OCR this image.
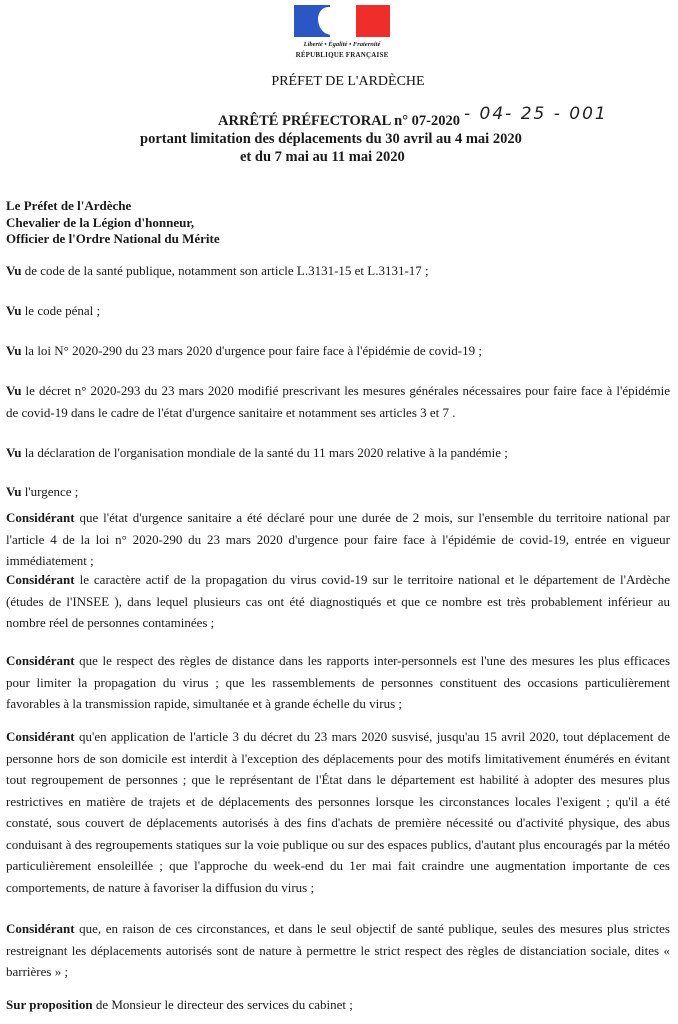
Liberté • Égalité • Fraternité
RÉPUBLIQUE FRANÇAISE
PRÉFET DE L'ARDÈCHE
ARRÊTÉ PRÉFECTORAL n° 07-2020
portant limitation des déplacements du 30 avril au 4 mai 2020
et du 7 mai au 11 mai 2020
- 04- 25 - 001
Le Préfet de l'Ardèche
Chevalier de la Légion d'honneur,
Officier de l'Ordre National du Mérite
Vu de code de la santé publique, notamment son article L.3131-15 et L.3131-17 ;
Vu le code pénal ;
Vu la loi N° 2020-290 du 23 mars 2020 d'urgence pour faire face à l'épidémie de covid-19 ;
Vu le décret n° 2020-293 du 23 mars 2020 modifié prescrivant les mesures générales nécessaires pour faire face à l'épidémie de covid-19 dans le cadre de l'état d'urgence sanitaire et notamment ses articles 3 et 7 .
Vu la déclaration de l'organisation mondiale de la santé du 11 mars 2020 relative à la pandémie ;
Vu l'urgence ;
Considérant que l'état d'urgence sanitaire a été déclaré pour une durée de 2 mois, sur l'ensemble du territoire national par l'article 4 de la loi n° 2020-290 du 23 mars 2020 d'urgence pour faire face à l'épidémie de covid-19, entrée en vigueur immédiatement ;
Considérant le caractère actif de la propagation du virus covid-19 sur le territoire national et le département de l'Ardèche (études de l'INSEE ), dans lequel plusieurs cas ont été diagnostiqués et que ce nombre est très probablement inférieur au nombre réel de personnes contaminées ;
Considérant que le respect des règles de distance dans les rapports inter-personnels est l'une des mesures les plus efficaces pour limiter la propagation du virus ; que les rassemblements de personnes constituent des occasions particulièrement favorables à la transmission rapide, simultanée et à grande échelle du virus ;
Considérant qu'en application de l'article 3 du décret du 23 mars 2020 susvisé, jusqu'au 15 avril 2020, tout déplacement de personne hors de son domicile est interdit à l'exception des déplacements pour des motifs limitativement énumérés en évitant tout regroupement de personnes ; que le représentant de l'État dans le département est habilité à adopter des mesures plus restrictives en matière de trajets et de déplacements des personnes lorsque les circonstances locales l'exigent ; qu'il a été constaté, sous couvert de déplacements autorisés à des fins d'achats de première nécessité ou d'activité physique, des abus conduisant à des regroupements statiques sur la voie publique ou sur des espaces publics, d'autant plus encouragés par la météo particulièrement ensoleillée ; que l'approche du week-end du 1er mai fait craindre une augmentation importante de ces comportements, de nature à favoriser la diffusion du virus ;
Considérant que, en raison de ces circonstances, et dans le seul objectif de santé publique, seules des mesures plus strictes restreignant les déplacements autorisés sont de nature à permettre le strict respect des règles de distanciation sociale, dites « barrières » ;
Sur proposition de Monsieur le directeur des services du cabinet ;
